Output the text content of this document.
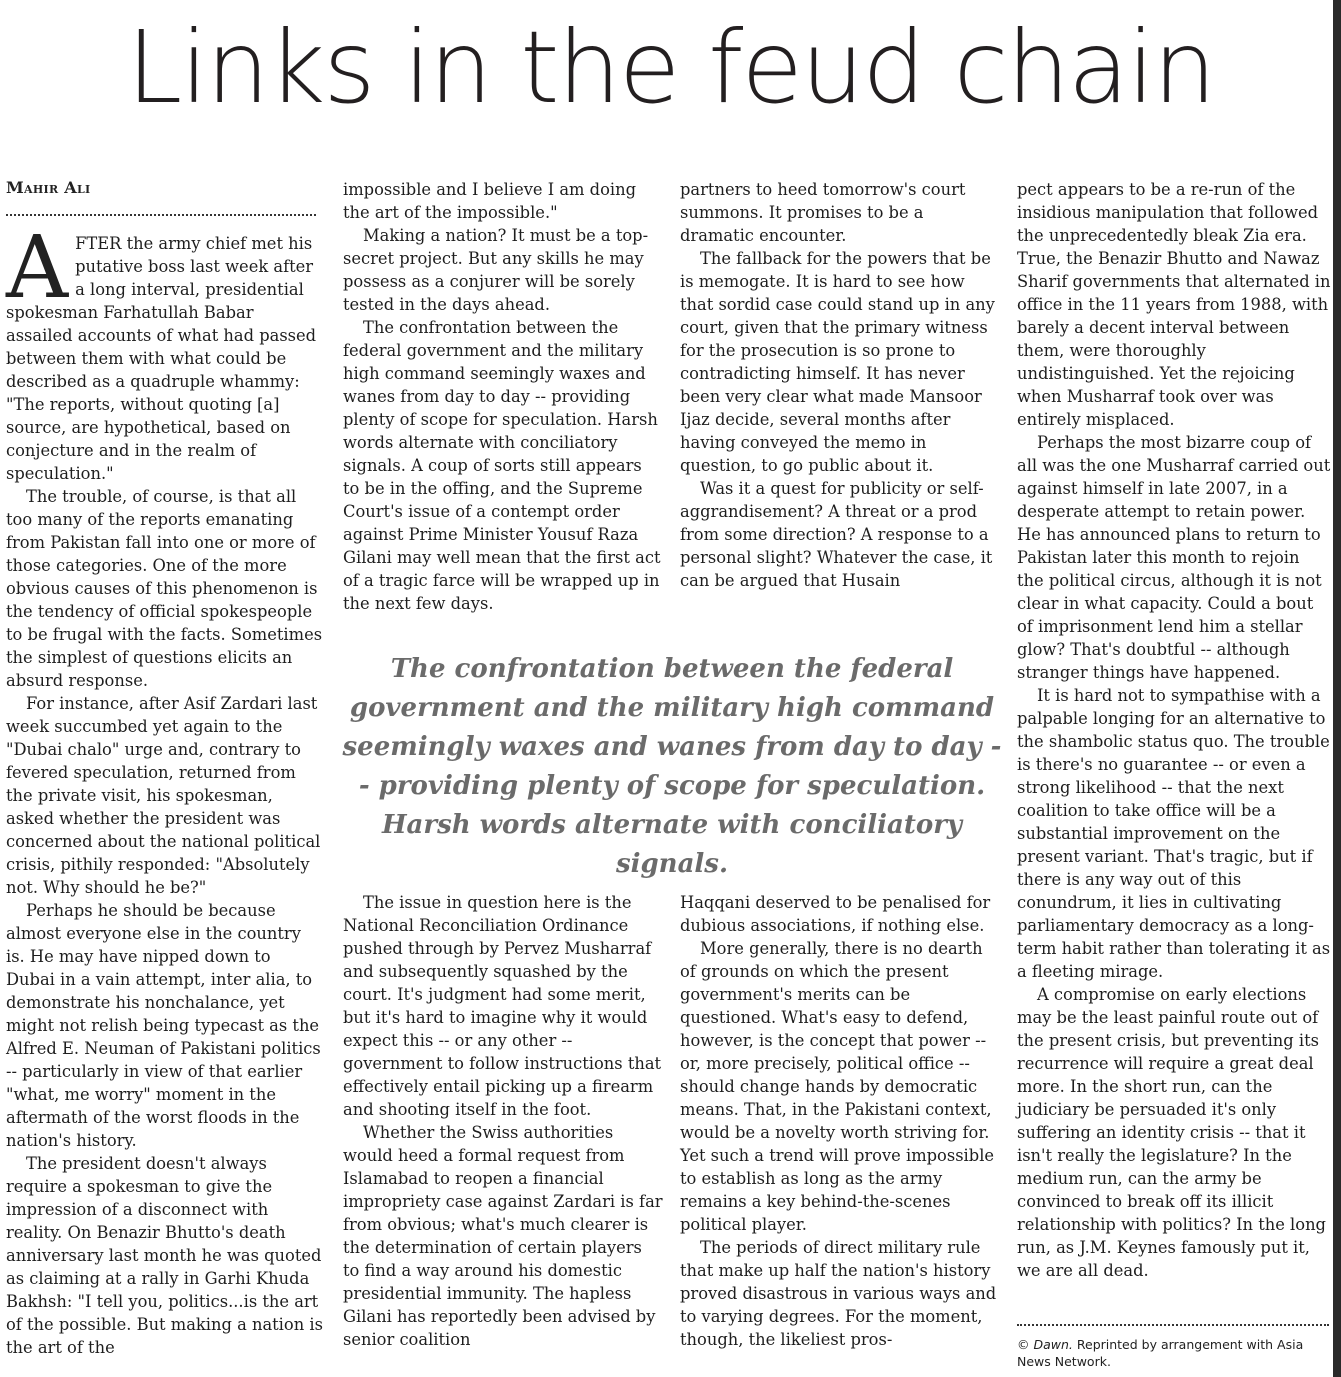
Links in the feud chain
Mahir Ali

AFTER the army chief met his putative boss last week after a long interval, presidential spokesman Farhatullah Babar assailed accounts of what had passed between them with what could be described as a quadruple whammy: "The reports, without quoting [a] source, are hypothetical, based on conjecture and in the realm of speculation."

The trouble, of course, is that all too many of the reports emanating from Pakistan fall into one or more of those categories. One of the more obvious causes of this phenomenon is the tendency of official spokespeople to be frugal with the facts. Sometimes the simplest of questions elicits an absurd response.

For instance, after Asif Zardari last week succumbed yet again to the "Dubai chalo" urge and, contrary to fevered speculation, returned from the private visit, his spokesman, asked whether the president was concerned about the national political crisis, pithily responded: "Absolutely not. Why should he be?"

Perhaps he should be because almost everyone else in the country is. He may have nipped down to Dubai in a vain attempt, inter alia, to demonstrate his nonchalance, yet might not relish being typecast as the Alfred E. Neuman of Pakistani politics -- particularly in view of that earlier "what, me worry" moment in the aftermath of the worst floods in the nation's history.

The president doesn't always require a spokesman to give the impression of a disconnect with reality. On Benazir Bhutto's death anniversary last month he was quoted as claiming at a rally in Garhi Khuda Bakhsh: "I tell you, politics...is the art of the possible. But making a nation is the art of the

impossible and I believe I am doing the art of the impossible."

Making a nation? It must be a top-secret project. But any skills he may possess as a conjurer will be sorely tested in the days ahead.

The confrontation between the federal government and the military high command seemingly waxes and wanes from day to day -- providing plenty of scope for speculation. Harsh words alternate with conciliatory signals. A coup of sorts still appears to be in the offing, and the Supreme Court's issue of a contempt order against Prime Minister Yousuf Raza Gilani may well mean that the first act of a tragic farce will be wrapped up in the next few days.

partners to heed tomorrow's court summons. It promises to be a dramatic encounter.

The fallback for the powers that be is memogate. It is hard to see how that sordid case could stand up in any court, given that the primary witness for the prosecution is so prone to contradicting himself. It has never been very clear what made Mansoor Ijaz decide, several months after having conveyed the memo in question, to go public about it.

Was it a quest for publicity or self-aggrandisement? A threat or a prod from some direction? A response to a personal slight? Whatever the case, it can be argued that Husain

The confrontation between the federal government and the military high command seemingly waxes and wanes from day to day -- providing plenty of scope for speculation. Harsh words alternate with conciliatory signals.

The issue in question here is the National Reconciliation Ordinance pushed through by Pervez Musharraf and subsequently squashed by the court. It's judgment had some merit, but it's hard to imagine why it would expect this -- or any other -- government to follow instructions that effectively entail picking up a firearm and shooting itself in the foot.

Whether the Swiss authorities would heed a formal request from Islamabad to reopen a financial impropriety case against Zardari is far from obvious; what's much clearer is the determination of certain players to find a way around his domestic presidential immunity. The hapless Gilani has reportedly been advised by senior coalition

Haqqani deserved to be penalised for dubious associations, if nothing else.

More generally, there is no dearth of grounds on which the present government's merits can be questioned. What's easy to defend, however, is the concept that power -- or, more precisely, political office -- should change hands by democratic means. That, in the Pakistani context, would be a novelty worth striving for. Yet such a trend will prove impossible to establish as long as the army remains a key behind-the-scenes political player.

The periods of direct military rule that make up half the nation's history proved disastrous in various ways and to varying degrees. For the moment, though, the likeliest pros-

pect appears to be a re-run of the insidious manipulation that followed the unprecedentedly bleak Zia era. True, the Benazir Bhutto and Nawaz Sharif governments that alternated in office in the 11 years from 1988, with barely a decent interval between them, were thoroughly undistinguished. Yet the rejoicing when Musharraf took over was entirely misplaced.

Perhaps the most bizarre coup of all was the one Musharraf carried out against himself in late 2007, in a desperate attempt to retain power. He has announced plans to return to Pakistan later this month to rejoin the political circus, although it is not clear in what capacity. Could a bout of imprisonment lend him a stellar glow? That's doubtful -- although stranger things have happened.

It is hard not to sympathise with a palpable longing for an alternative to the shambolic status quo. The trouble is there's no guarantee -- or even a strong likelihood -- that the next coalition to take office will be a substantial improvement on the present variant. That's tragic, but if there is any way out of this conundrum, it lies in cultivating parliamentary democracy as a long-term habit rather than tolerating it as a fleeting mirage.

A compromise on early elections may be the least painful route out of the present crisis, but preventing its recurrence will require a great deal more. In the short run, can the judiciary be persuaded it's only suffering an identity crisis -- that it isn't really the legislature? In the medium run, can the army be convinced to break off its illicit relationship with politics? In the long run, as J.M. Keynes famously put it, we are all dead.

© Dawn. Reprinted by arrangement with Asia News Network.
